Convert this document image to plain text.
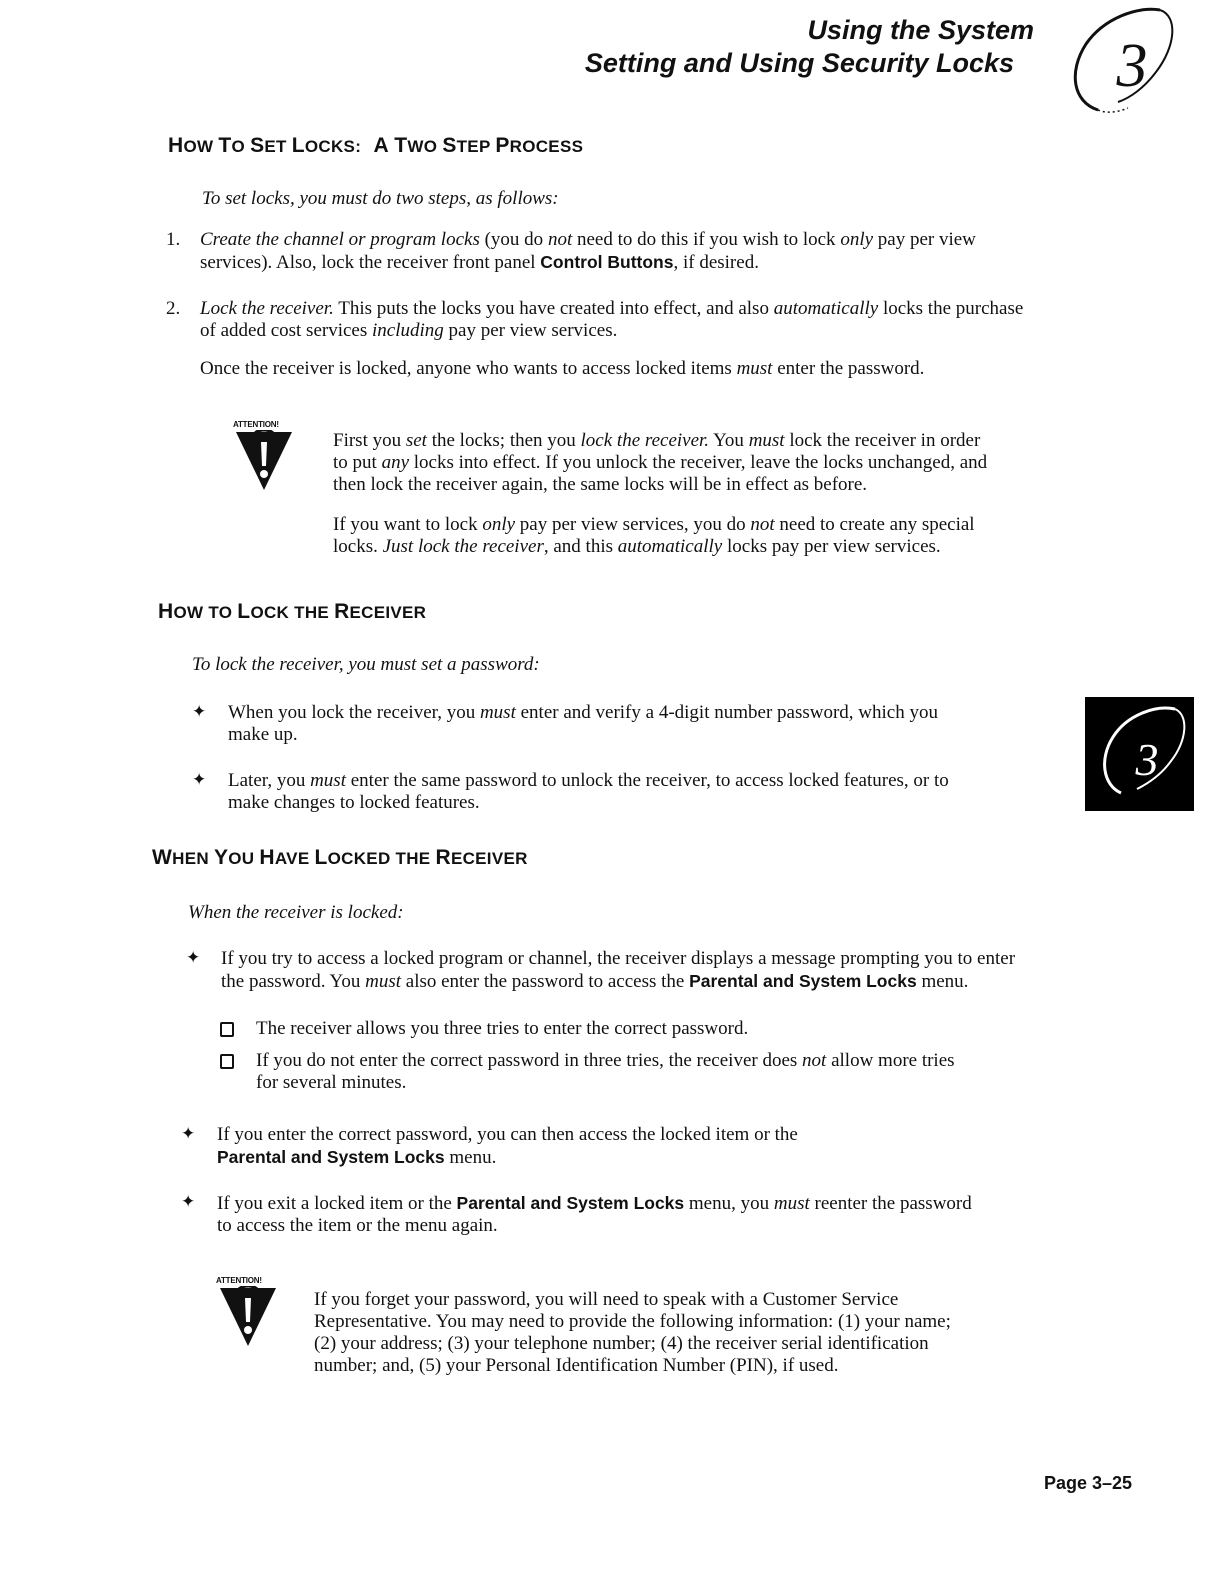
Using the System
Setting and Using Security Locks 3
HOW TO SET LOCKS: A TWO STEP PROCESS
To set locks, you must do two steps, as follows:
1. Create the channel or program locks (you do not need to do this if you wish to lock only pay per view
services). Also, lock the receiver front panel Control Buttons, if desired.
2. Lock the receiver. This puts the locks you have created into effect, and also automatically locks the purchase
of added cost services including pay per view services.
Once the receiver is locked, anyone who wants to access locked items must enter the password.
ATTENTION!
First you set the locks; then you lock the receiver. You must lock the receiver in order
to put any locks into effect. If you unlock the receiver, leave the locks unchanged, and
then lock the receiver again, the same locks will be in effect as before.
If you want to lock only pay per view services, you do not need to create any special
locks. Just lock the receiver, and this automatically locks pay per view services.
HOW TO LOCK THE RECEIVER
To lock the receiver, you must set a password:
✦ When you lock the receiver, you must enter and verify a 4-digit number password, which you
make up.
✦ Later, you must enter the same password to unlock the receiver, to access locked features, or to
make changes to locked features.
3
WHEN YOU HAVE LOCKED THE RECEIVER
When the receiver is locked:
✦ If you try to access a locked program or channel, the receiver displays a message prompting you to enter
the password. You must also enter the password to access the Parental and System Locks menu.
The receiver allows you three tries to enter the correct password.
If you do not enter the correct password in three tries, the receiver does not allow more tries
for several minutes.
✦ If you enter the correct password, you can then access the locked item or the
Parental and System Locks menu.
✦ If you exit a locked item or the Parental and System Locks menu, you must reenter the password
to access the item or the menu again.
ATTENTION!
If you forget your password, you will need to speak with a Customer Service
Representative. You may need to provide the following information: (1) your name;
(2) your address; (3) your telephone number; (4) the receiver serial identification
number; and, (5) your Personal Identification Number (PIN), if used.
Page 3–25
